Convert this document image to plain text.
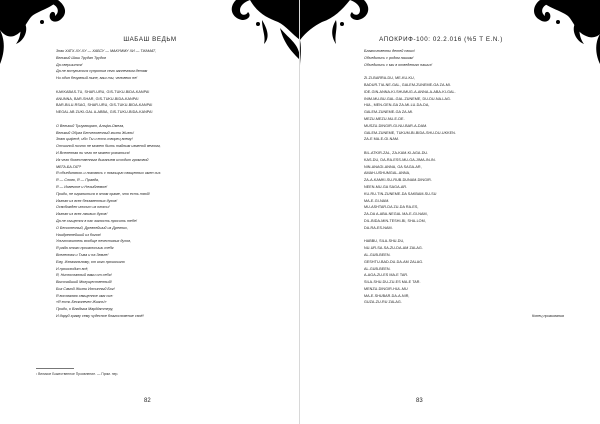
ШАБАШ ВЕДЬМ
Знак ХАТХ-ХУ-ХУ — ХАБСУ — МАКУММУ ХИ — ТИАМАТ,
Великий Шаш Трудан Трудов
Да свершится!
Да не вступиться супротив сего заплечным детям
Ни один безумный ныне, ваш ты, человеко не!
KAKKABAS-TU, SHAR-URU, GIS-TUKU-BIDA-KANPA!
ANUNNA, BAR-SHAR, GIS-TUKU-BIDA-KANPA!
BAR-BILU-RSAG, SHAR-URU, GIS-TUKU-BIDA-KANPA!
NEGAL AB ZUKI-GAL A-ABBA, GIS-TUKU-BIDA-KANPA!
О Великий Триумвират, Альфа-Омега,
Великий Образ Бесчеловечный жизни Жизнь!
Знаю цифесё, ибо Ты и есть творец всему!
Отчизной ничто не может быть тайным изменой вечным,
И Вселенная ни чего не может рожаться!
Из чего божественным дыханием исходит громовой
МЕГА-БА-ГАТ!¹
Я объединяюсь и познаюсь с помощью священных имен сих.
Я — Слово, Я — Правда,
Я — Извечное и Незыблемое!
Приди, не ограниться в этом храме, что есть твой!
Изгнан из всех беззаветных духов!
Освобожден иносит из плоти!
Изгнан из всех лживых духов!
Да не сыщется в нас жалость просить тебе!
О Бесконечный, Древнейший из Древних,
Наидревнейший из богов!
Уничтожитель вообще нечестивых духов,
Я рада этого произносишь тебя
Вселенная и Тьма и на Земле!
Ему, Изначальному, от кого произошло
И происходит всё,
Я, Ниспосланный вами от себя!
Высочайший Молущественный!
Бог Самой Жизни Истинный Бог!
Я восхваляю священное имя сие:
«Я есть Бесконечен Жизнь!»
Приди, о Владыка МарМаттеру,
И даруй храму сему чудесное благословение своё!
¹ Великое Божественное Проявление. — Прим. пер.
82
АПОКРИФ-100: 02.2.016 (%5 T E.N.)
Благословенны детей своих!
Объединись с родом нашим!
Объединись с мы в отведениях наших!
ZI-ZI-BARRA-DU, ME-KU-KU,
BADUR-TIA-NE-GAL, GALEM-ZUNEME-GA ZA-MI.
IDE-GIN-ANNA-KI-SHUMUG-A-ANNA-A-ABA-KI-GAL.
INIM-MU-BU-GAL-GAL-ZUNEME, DU-DU-NA-LAG.
HUL, MEN-GEN-GA ZA-MI-LU-DA-DA,
GALEM-ZUNEME-GA ZA-MI.
MEZU-MEZU-NU-E-DE.
MUSZU-DINGIR-GI-NU-BAR-A-DAM.
GALEM-ZUNEME, TUKUM-BI-BIDA-SHU-DU-UKKEN.
ZA-E MA-E-GI-NAM.
BIL-ATKIR-ZAL, ZA-KAM-KI-AGA-DU.
KAS-DU, DA-RA-ESS-MU-GA-JIMA-IN-IN.
NIN-ANAGI-ANNA, GA SAGA-AR,
AMAH-USHUMGAL-ANNA,
ZA-A-KAMKI-SU-RUB-DUNAM-DINGIR.
NEEN-MU-GA SAGA-AR.
KU-RU-TIN-ZUNEME-DA SAKBAM-SU-SU
MA-E-GI-NAM.
MU-ASHTAR-DA ZU-DA RA-ES,
ZA-DA A-ABA-NEGAL MA-E-GI-NAM,
DIL-BIDA-MIN-TESHI-BI, SHA-LOM,
DA-RA-ES-NAM.
HABBU, SILA-SHU-DU,
NU-UR-SA-SA-ZU-DA-AM ZALAG.
AL-GUB-BEEN.
GESHTU-BAD-DU-DA-AM ZALAG.
AL-GUB-BEEN.
A-AGA-ZU-ES MA-E TAR.
SILA-SHU-DU-ZU-ES MA-E TAR.
MENZU-DINGIR-HUL-MU
MA-E-SHUBAR-DA-A-NIR,
GUZA-ZU-RU ZALAG.
Конец призывания
83
